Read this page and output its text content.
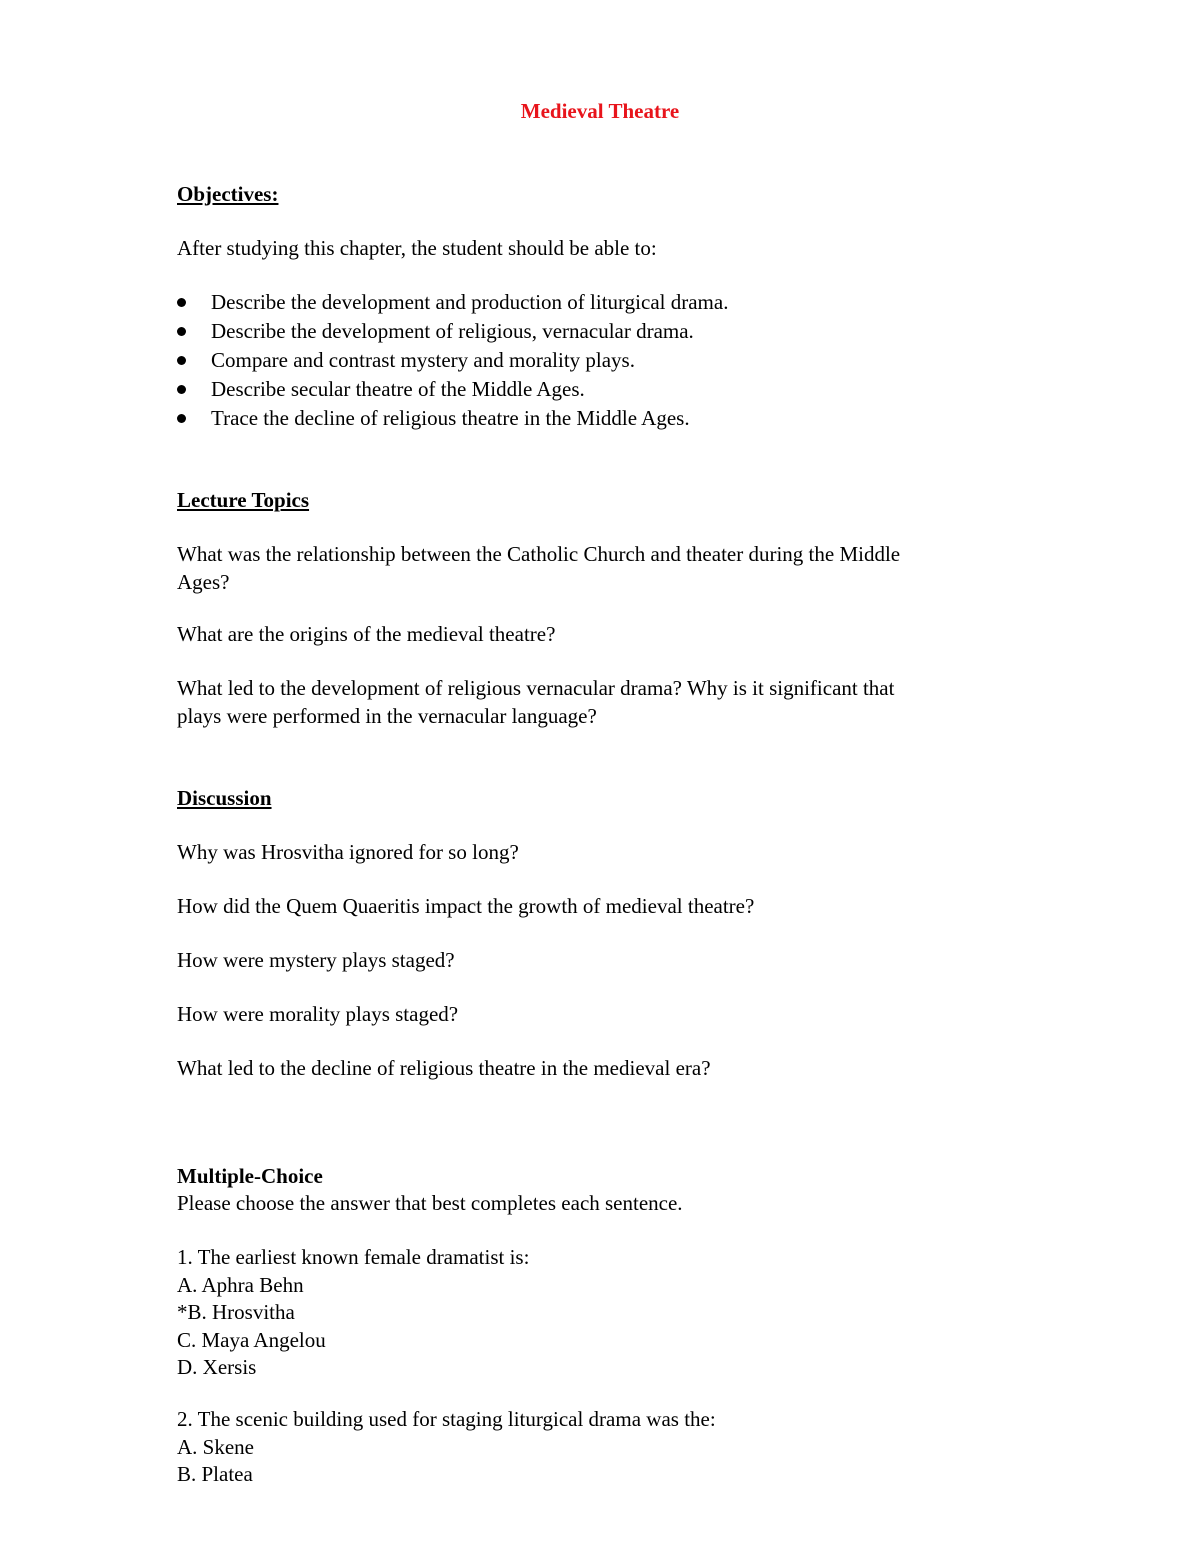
Medieval Theatre
Objectives:
After studying this chapter, the student should be able to:
Describe the development and production of liturgical drama.
Describe the development of religious, vernacular drama.
Compare and contrast mystery and morality plays.
Describe secular theatre of the Middle Ages.
Trace the decline of religious theatre in the Middle Ages.
Lecture Topics
What was the relationship between the Catholic Church and theater during the Middle
Ages?
What are the origins of the medieval theatre?
What led to the development of religious vernacular drama? Why is it significant that
plays were performed in the vernacular language?
Discussion
Why was Hrosvitha ignored for so long?
How did the Quem Quaeritis impact the growth of medieval theatre?
How were mystery plays staged?
How were morality plays staged?
What led to the decline of religious theatre in the medieval era?
Multiple-Choice
Please choose the answer that best completes each sentence.
1. The earliest known female dramatist is:
A. Aphra Behn
*B. Hrosvitha
C. Maya Angelou
D. Xersis
2. The scenic building used for staging liturgical drama was the:
A. Skene
B. Platea
